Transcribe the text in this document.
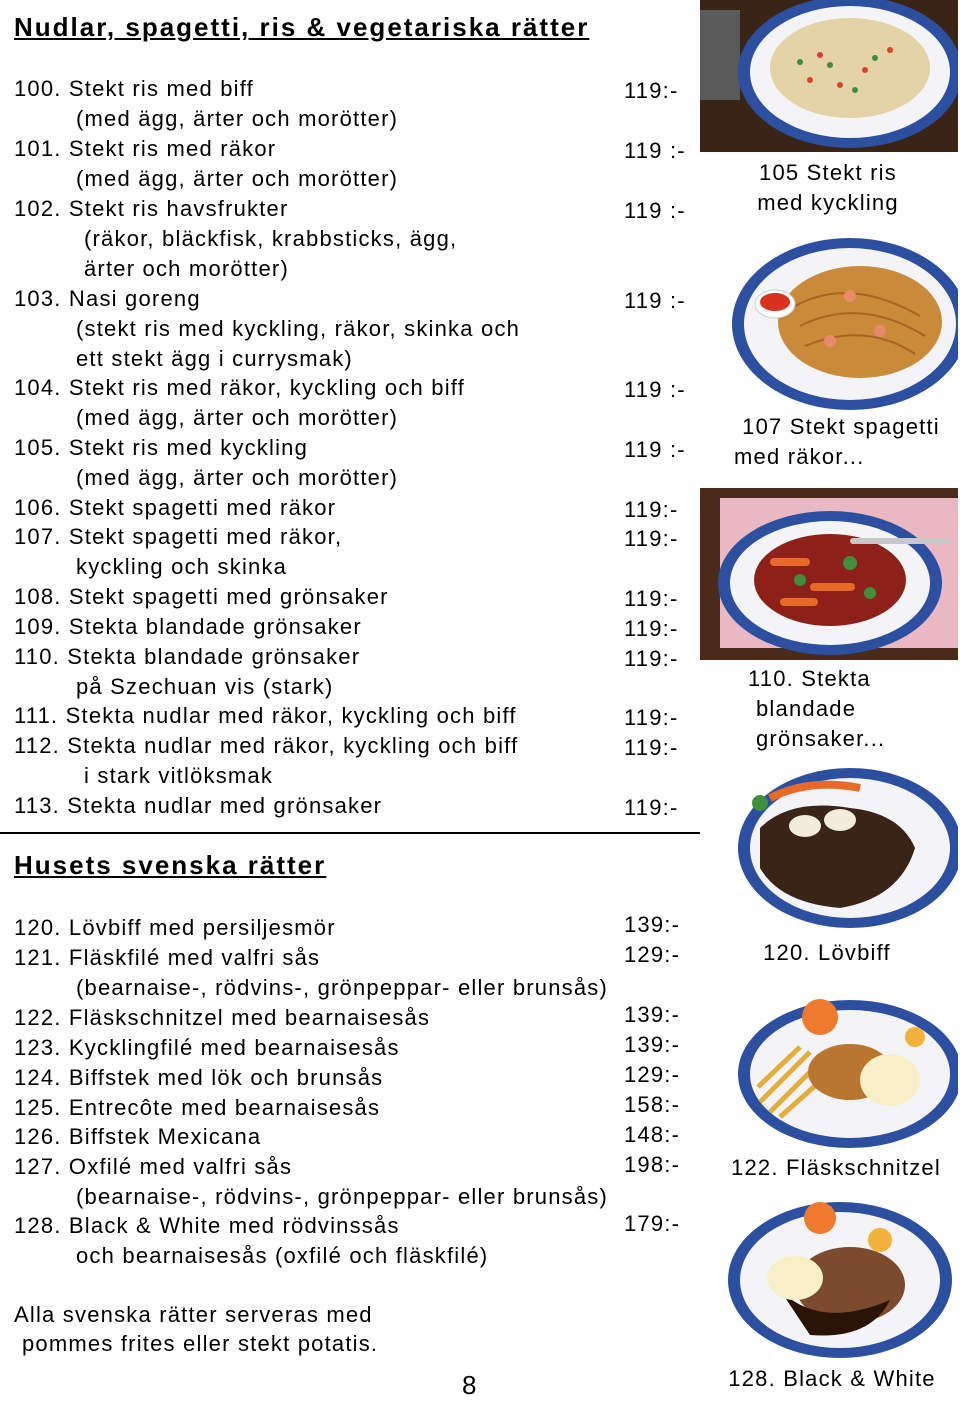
Nudlar, spagetti, ris & vegetariska rätter
Husets svenska rätter
100. Stekt ris med biff
(med ägg, ärter och morötter)
101. Stekt ris med räkor
(med ägg, ärter och morötter)
102. Stekt ris havsfrukter
(räkor, bläckfisk, krabbsticks, ägg,
ärter och morötter)
103. Nasi goreng
(stekt ris med kyckling, räkor, skinka och
ett stekt ägg i currysmak)
104. Stekt ris med räkor, kyckling och biff
(med ägg, ärter och morötter)
105. Stekt ris med kyckling
(med ägg, ärter och morötter)
106. Stekt spagetti med räkor
107. Stekt spagetti med räkor,
kyckling och skinka
108. Stekt spagetti med grönsaker
109. Stekta blandade grönsaker
110. Stekta blandade grönsaker
på Szechuan vis (stark)
111. Stekta nudlar med räkor, kyckling och biff
112. Stekta nudlar med räkor, kyckling och biff
i stark vitlöksmak
113. Stekta nudlar med grönsaker
120. Lövbiff med persiljesmör
121. Fläskfilé med valfri sås
(bearnaise-, rödvins-, grönpeppar- eller brunsås)
122. Fläskschnitzel med bearnaisesås
123. Kycklingfilé med bearnaisesås
124. Biffstek med lök och brunsås
125. Entrecôte med bearnaisesås
126. Biffstek Mexicana
127. Oxfilé med valfri sås
(bearnaise-, rödvins-, grönpeppar- eller brunsås)
128. Black & White med rödvinssås
och bearnaisesås (oxfilé och fläskfilé)
119:-
119 :-
119 :-
119 :-
119 :-
119 :-
119:-
119:-
119:-
119:-
119:-
119:-
119:-
119:-
139:-
129:-
139:-
139:-
129:-
158:-
148:-
198:-
179:-
105 Stekt ris
med kyckling
107 Stekt spagetti
med räkor...
110. Stekta
blandade
grönsaker...
120. Lövbiff
122. Fläskschnitzel
128. Black & White
Alla svenska rätter serveras med
pommes frites eller stekt potatis.
8
